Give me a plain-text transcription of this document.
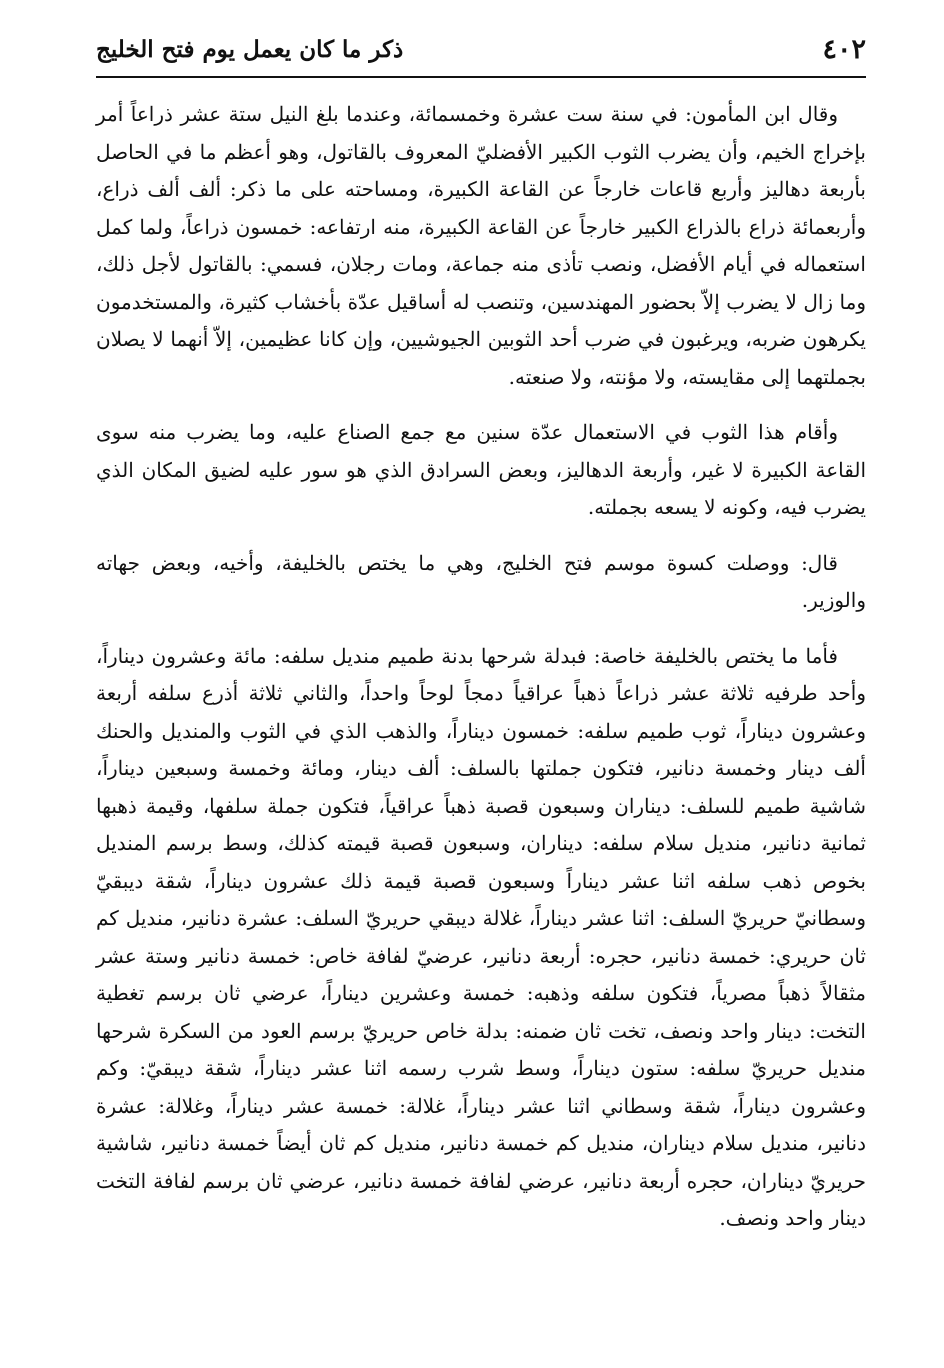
٤٠٢
ذكر ما كان يعمل يوم فتح الخليج

وقال ابن المأمون: في سنة ست عشرة وخمسمائة، وعندما بلغ النيل ستة عشر ذراعاً أمر بإخراج الخيم، وأن يضرب الثوب الكبير الأفضليّ المعروف بالقاتول، وهو أعظم ما في الحاصل بأربعة دهاليز وأربع قاعات خارجاً عن القاعة الكبيرة، ومساحته على ما ذكر: ألف ألف ذراع، وأربعمائة ذراع بالذراع الكبير خارجاً عن القاعة الكبيرة، منه ارتفاعه: خمسون ذراعاً، ولما كمل استعماله في أيام الأفضل، ونصب تأذى منه جماعة، ومات رجلان، فسمي: بالقاتول لأجل ذلك، وما زال لا يضرب إلاّ بحضور المهندسين، وتنصب له أساقيل عدّة بأخشاب كثيرة، والمستخدمون يكرهون ضربه، ويرغبون في ضرب أحد الثوبين الجيوشيين، وإن كانا عظيمين، إلاّ أنهما لا يصلان بجملتهما إلى مقايسته، ولا مؤنته، ولا صنعته.

وأقام هذا الثوب في الاستعمال عدّة سنين مع جمع الصناع عليه، وما يضرب منه سوى القاعة الكبيرة لا غير، وأربعة الدهاليز، وبعض السرادق الذي هو سور عليه لضيق المكان الذي يضرب فيه، وكونه لا يسعه بجملته.

قال: ووصلت كسوة موسم فتح الخليج، وهي ما يختص بالخليفة، وأخيه، وبعض جهاته والوزير.

فأما ما يختص بالخليفة خاصة: فبدلة شرحها بدنة طميم منديل سلفه: مائة وعشرون ديناراً، وأحد طرفيه ثلاثة عشر ذراعاً ذهباً عراقياً دمجاً لوحاً واحداً، والثاني ثلاثة أذرع سلفه أربعة وعشرون ديناراً، ثوب طميم سلفه: خمسون ديناراً، والذهب الذي في الثوب والمنديل والحنك ألف دينار وخمسة دنانير، فتكون جملتها بالسلف: ألف دينار، ومائة وخمسة وسبعين ديناراً، شاشية طميم للسلف: ديناران وسبعون قصبة ذهباً عراقياً، فتكون جملة سلفها، وقيمة ذهبها ثمانية دنانير، منديل سلام سلفه: ديناران، وسبعون قصبة قيمته كذلك، وسط برسم المنديل بخوص ذهب سلفه اثنا عشر ديناراً وسبعون قصبة قيمة ذلك عشرون ديناراً، شقة ديبقيّ وسطانيّ حريريّ السلف: اثنا عشر ديناراً، غلالة ديبقي حريريّ السلف: عشرة دنانير، منديل كم ثان حريري: خمسة دنانير، حجره: أربعة دنانير، عرضيّ لفافة خاص: خمسة دنانير وستة عشر مثقالاً ذهباً مصرياً، فتكون سلفه وذهبه: خمسة وعشرين ديناراً، عرضي ثان برسم تغطية التخت: دينار واحد ونصف، تخت ثان ضمنه: بدلة خاص حريريّ برسم العود من السكرة شرحها منديل حريريّ سلفه: ستون ديناراً، وسط شرب رسمه اثنا عشر ديناراً، شقة ديبقيّ: وكم وعشرون ديناراً، شقة وسطاني اثنا عشر ديناراً، غلالة: خمسة عشر ديناراً، وغلالة: عشرة دنانير، منديل سلام ديناران، منديل كم خمسة دنانير، منديل كم ثان أيضاً خمسة دنانير، شاشية حريريّ ديناران، حجره أربعة دنانير، عرضي لفافة خمسة دنانير، عرضي ثان برسم لفافة التخت دينار واحد ونصف.
